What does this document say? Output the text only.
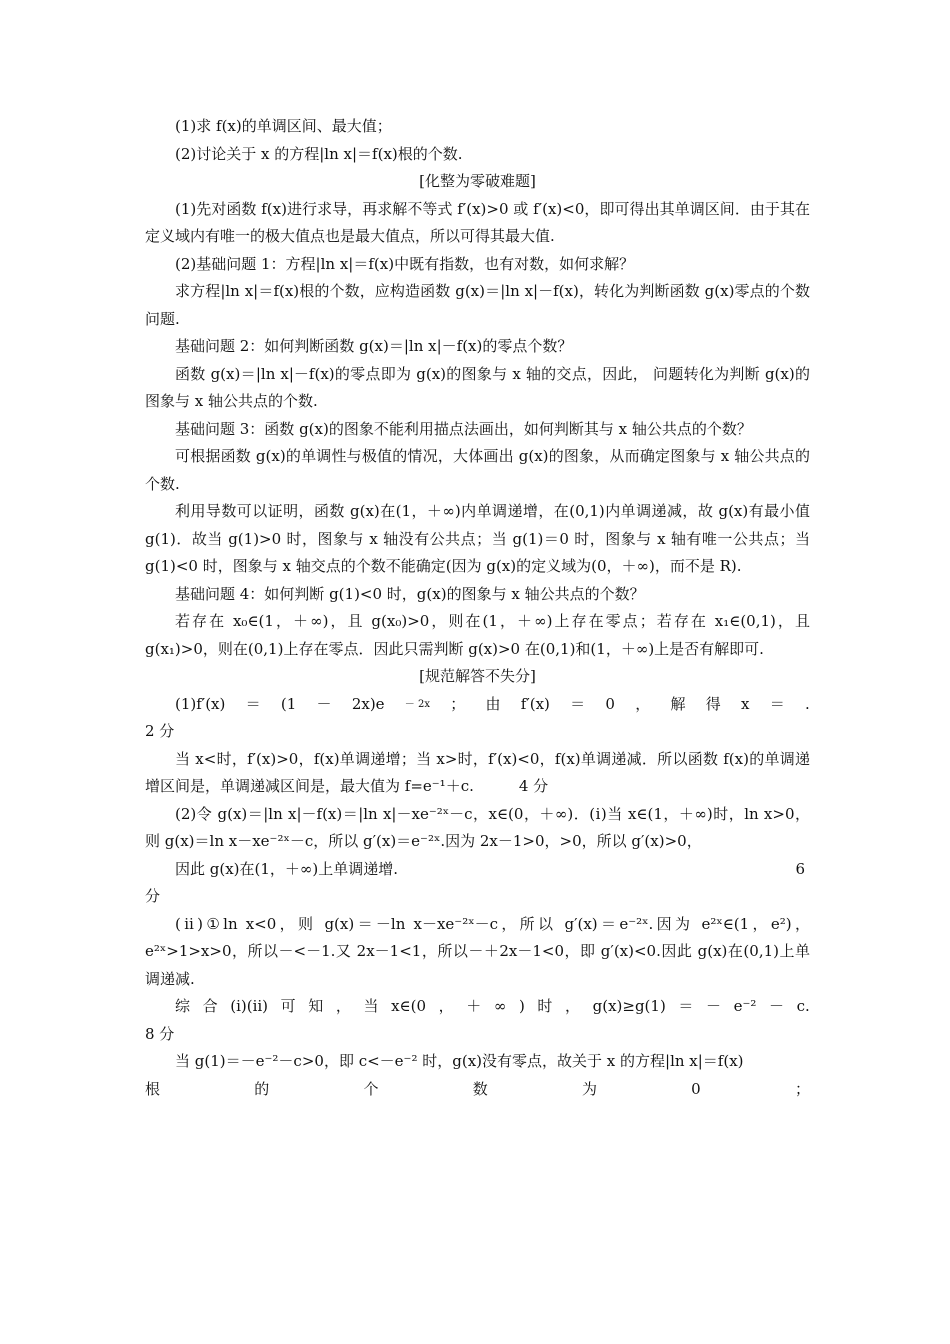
(1)求 f(x)的单调区间、最大值；

(2)讨论关于 x 的方程|ln x|＝f(x)根的个数.

[化整为零破难题]

(1)先对函数 f(x)进行求导，再求解不等式 f′(x)>0 或 f′(x)<0，即可得出其单调区间．由于其在定义域内有唯一的极大值点也是最大值点，所以可得其最大值.

(2)基础问题 1：方程|ln x|＝f(x)中既有指数，也有对数，如何求解？

求方程|ln x|＝f(x)根的个数，应构造函数 g(x)＝|ln x|－f(x)，转化为判断函数 g(x)零点的个数问题.

基础问题 2：如何判断函数 g(x)＝|ln x|－f(x)的零点个数？

函数 g(x)＝|ln x|－f(x)的零点即为 g(x)的图象与 x 轴的交点，因此， 问题转化为判断 g(x)的图象与 x 轴公共点的个数.

基础问题 3：函数 g(x)的图象不能利用描点法画出，如何判断其与 x 轴公共点的个数？

可根据函数 g(x)的单调性与极值的情况，大体画出 g(x)的图象，从而确定图象与 x 轴公共点的个数.

利用导数可以证明，函数 g(x)在(1，＋∞)内单调递增，在(0,1)内单调递减，故 g(x)有最小值 g(1)．故当 g(1)>0 时，图象与 x 轴没有公共点；当 g(1)＝0 时，图象与 x 轴有唯一公共点；当 g(1)<0 时，图象与 x 轴交点的个数不能确定(因为 g(x)的定义域为(0，＋∞)，而不是 R).

基础问题 4：如何判断 g(1)<0 时，g(x)的图象与 x 轴公共点的个数？

若存在 x₀∈(1，＋∞)，且 g(x₀)>0，则在(1，＋∞)上存在零点；若存在 x₁∈(0,1)，且 g(x₁)>0，则在(0,1)上存在零点．因此只需判断 g(x)>0 在(0,1)和(1，＋∞)上是否有解即可.

[规范解答不失分]

(1)f′(x) ＝ (1 － 2x)e － 2x ； 由 f′(x) ＝ 0 ， 解 得 x ＝ .

2 分

当 x<时，f′(x)>0，f(x)单调递增；当 x>时，f′(x)<0，f(x)单调递减．所以函数 f(x)的单调递增区间是，单调递减区间是，最大值为 f=e⁻¹＋c.　　　4 分

(2)令 g(x)＝|ln x|－f(x)＝|ln x|－xe⁻²ˣ－c，x∈(0，＋∞)．(ⅰ)当 x∈(1，＋∞)时，ln x>0，则 g(x)＝ln x－xe⁻²ˣ－c，所以 g′(x)＝e⁻²ˣ.因为 2x－1>0，>0，所以 g′(x)>0，

因此 g(x)在(1，＋∞)上单调递增.	6

分

(ⅱ)①ln x<0，则 g(x)＝－ln x－xe⁻²ˣ－c，所以 g′(x)＝e⁻²ˣ.因为 e²ˣ∈(1，e²)，e²ˣ>1>x>0，所以－<－1.又 2x－1<1，所以－＋2x－1<0，即 g′(x)<0.因此 g(x)在(0,1)上单调递减.

综 合 (ⅰ)(ⅱ) 可 知 ， 当 x∈(0 ， ＋ ∞ ) 时 ， g(x)≥g(1) ＝ － e⁻² － c.

8 分

当 g(1)＝－e⁻²－c>0，即 c<－e⁻² 时，g(x)没有零点，故关于 x 的方程|ln x|＝f(x)

根	的	个	数	为	0	；
